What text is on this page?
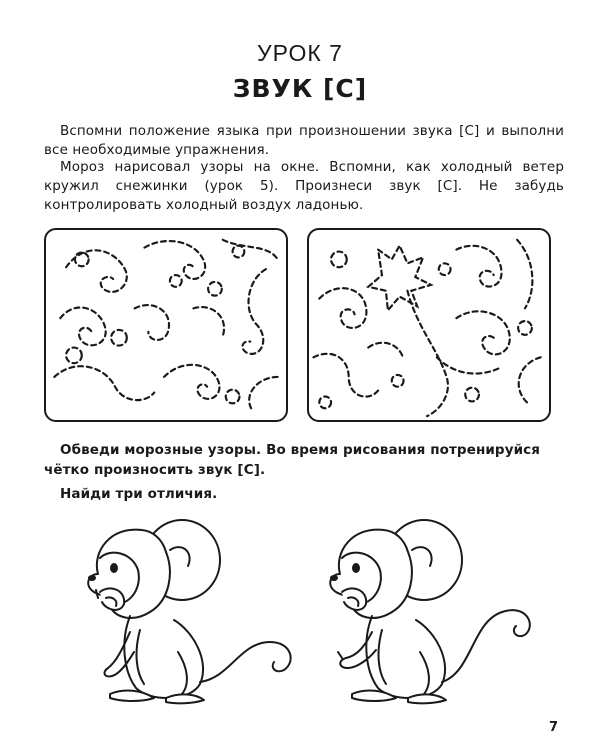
УРОК 7
ЗВУК [С]
Вспомни положение языка при произношении звука [С] и выполни все необходимые упражнения.
Мороз нарисовал узоры на окне. Вспомни, как холодный ветер кружил снежинки (урок 5). Произнеси звук [С]. Не забудь контролировать холодный воздух ладонью.
Обведи морозные узоры. Во время рисования потренируйся чётко произносить звук [С].
Найди три отличия.
7
